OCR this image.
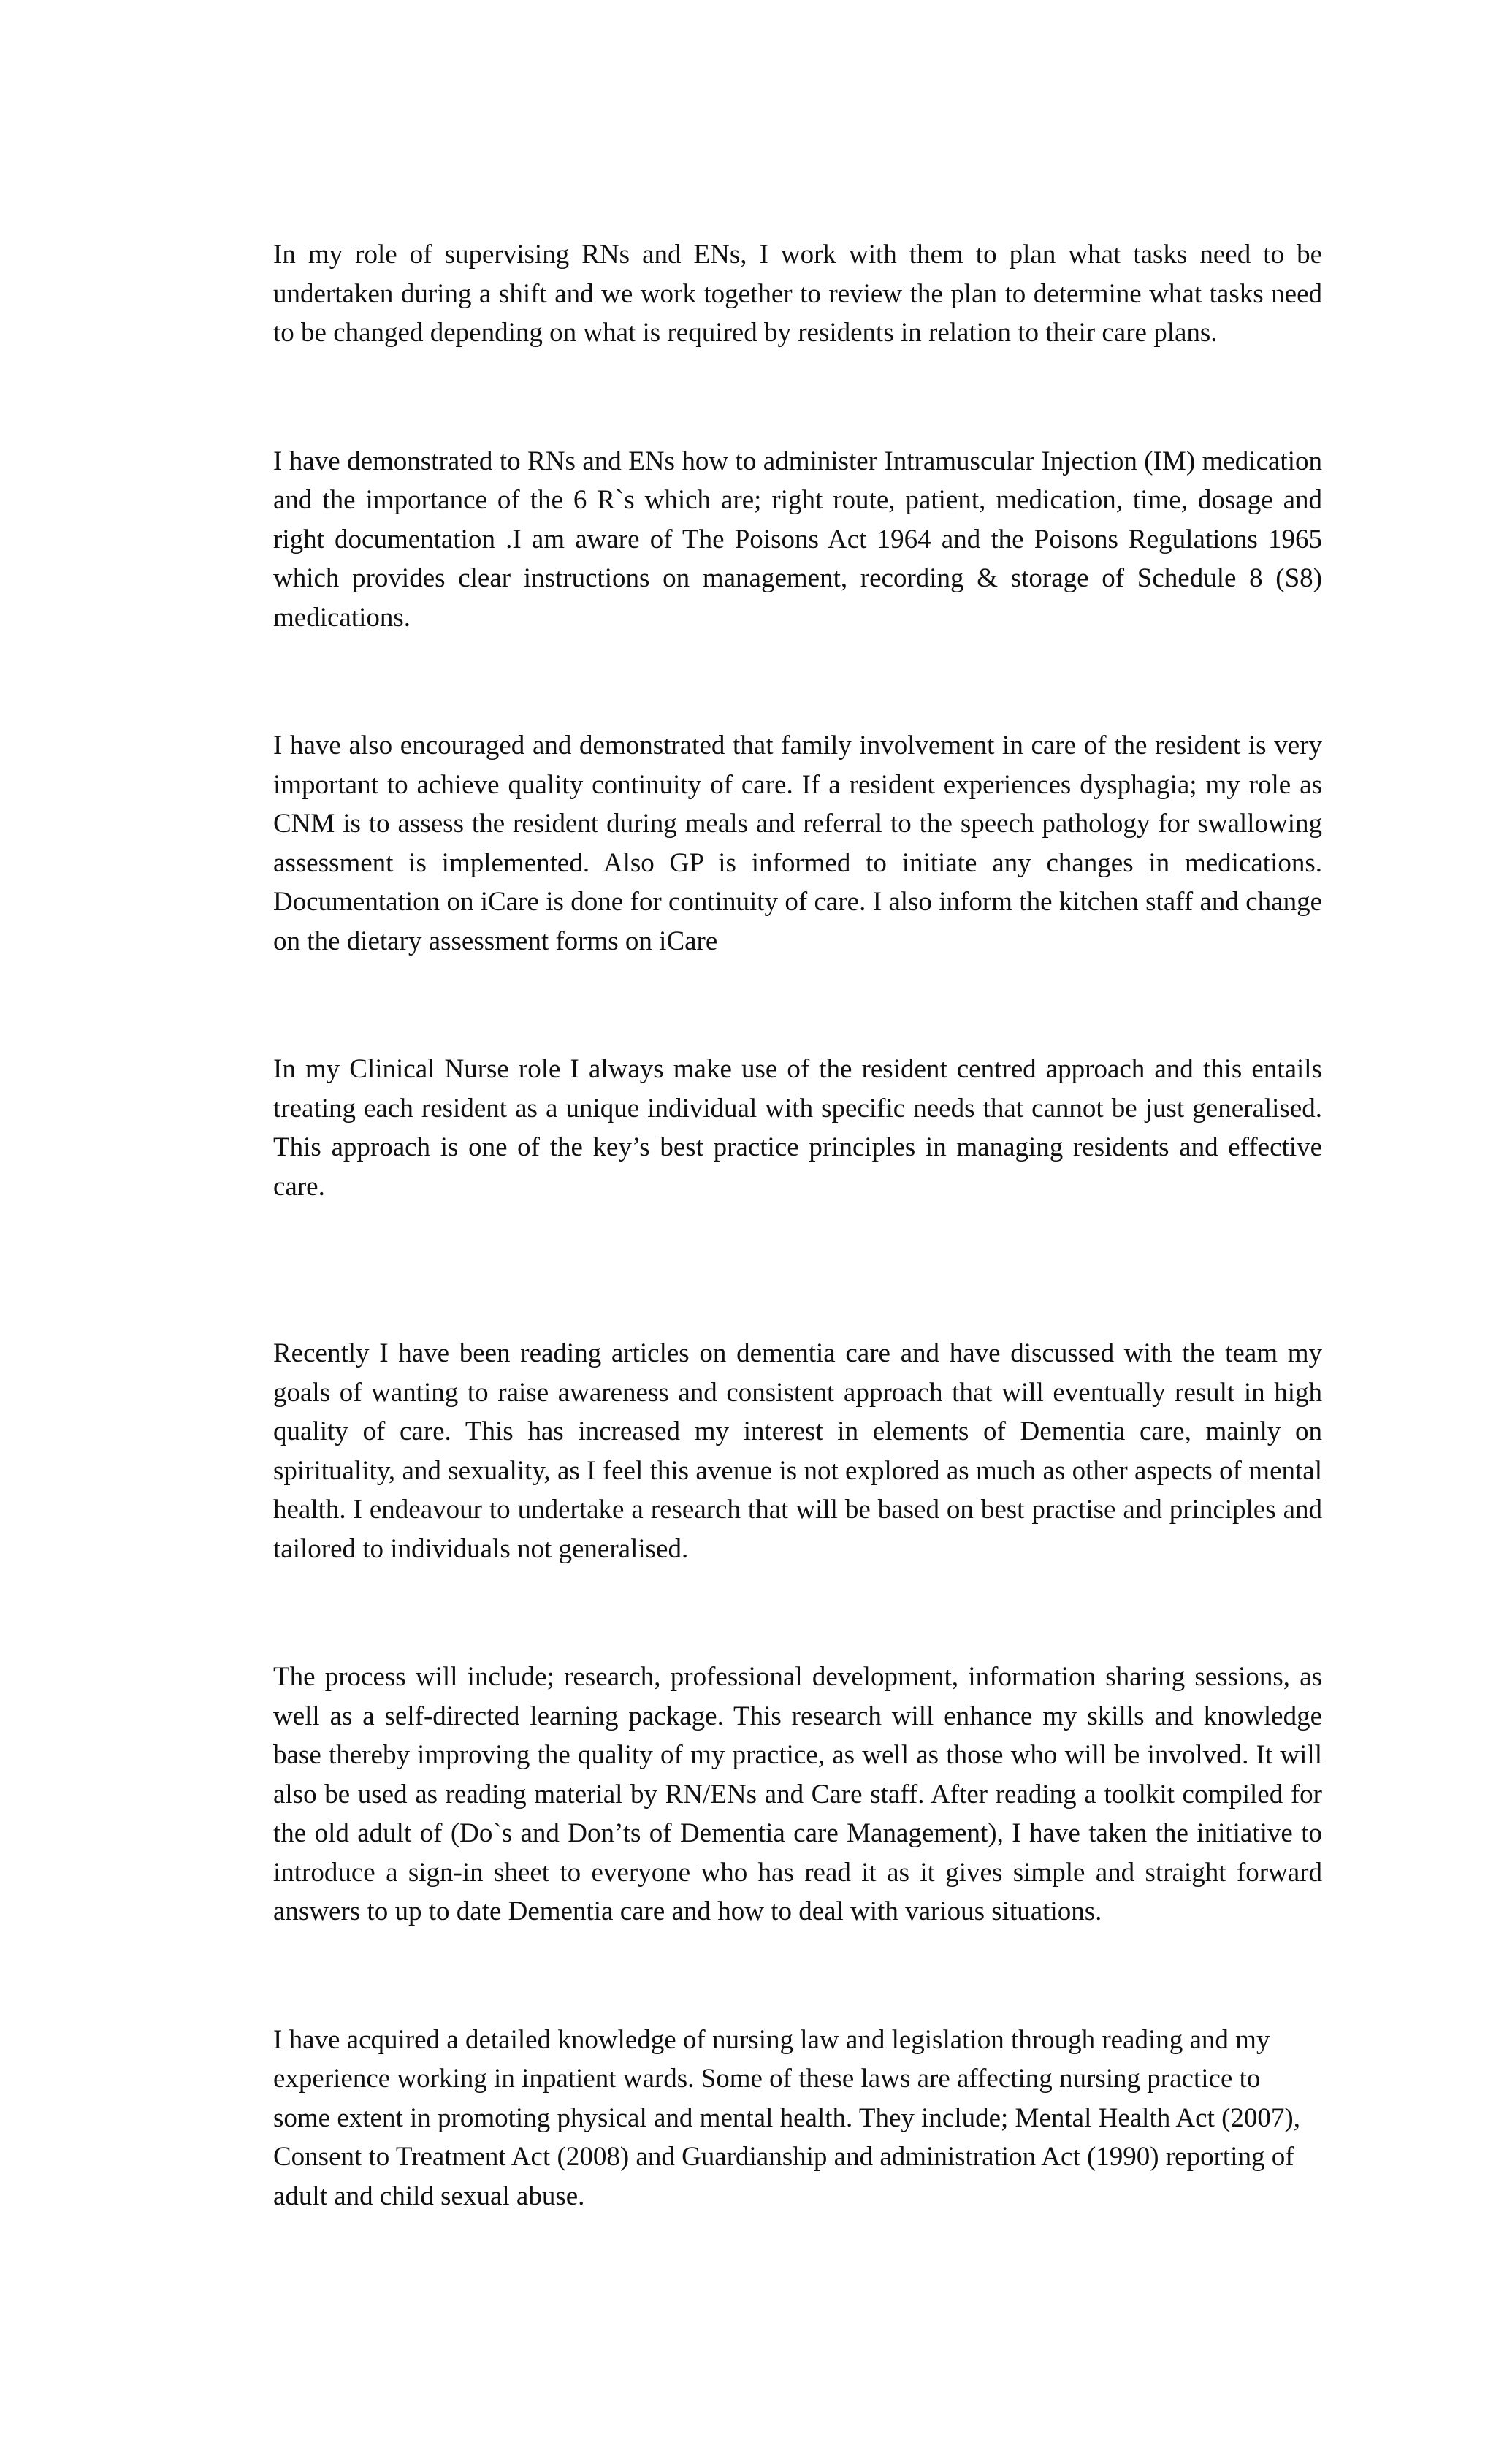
In my role of supervising RNs and ENs, I work with them to plan what tasks need to be undertaken during a shift and we work together to review the plan to determine what tasks need to be changed depending on what is required by residents in relation to their care plans.

I have demonstrated to RNs and ENs how to administer Intramuscular Injection (IM) medication and the importance of the 6 R`s which are; right route, patient, medication, time, dosage and right documentation .I am aware of The Poisons Act 1964 and the Poisons Regulations 1965 which provides clear instructions on management, recording & storage of Schedule 8 (S8) medications.

I have also encouraged and demonstrated that family involvement in care of the resident is very important to achieve quality continuity of care. If a resident experiences dysphagia; my role as CNM is to assess the resident during meals and referral to the speech pathology for swallowing assessment is implemented. Also GP is informed to initiate any changes in medications. Documentation on iCare is done for continuity of care. I also inform the kitchen staff and change on the dietary assessment forms on iCare

In my Clinical Nurse role I always make use of the resident centred approach and this entails treating each resident as a unique individual with specific needs that cannot be just generalised. This approach is one of the key’s best practice principles in managing residents and effective care.

Recently I have been reading articles on dementia care and have discussed with the team my goals of wanting to raise awareness and consistent approach that will eventually result in high quality of care. This has increased my interest in elements of Dementia care, mainly on spirituality, and sexuality, as I feel this avenue is not explored as much as other aspects of mental health. I endeavour to undertake a research that will be based on best practise and principles and tailored to individuals not generalised.

The process will include; research, professional development, information sharing sessions, as well as a self-directed learning package. This research will enhance my skills and knowledge base thereby improving the quality of my practice, as well as those who will be involved. It will also be used as reading material by RN/ENs and Care staff. After reading a toolkit compiled for the old adult of (Do`s and Don’ts of Dementia care Management), I have taken the initiative to introduce a sign-in sheet to everyone who has read it as it gives simple and straight forward answers to up to date Dementia care and how to deal with various situations.

I have acquired a detailed knowledge of nursing law and legislation through reading and my experience working in inpatient wards. Some of these laws are affecting nursing practice to some extent in promoting physical and mental health. They include; Mental Health Act (2007), Consent to Treatment Act (2008) and Guardianship and administration Act (1990) reporting of adult and child sexual abuse.
